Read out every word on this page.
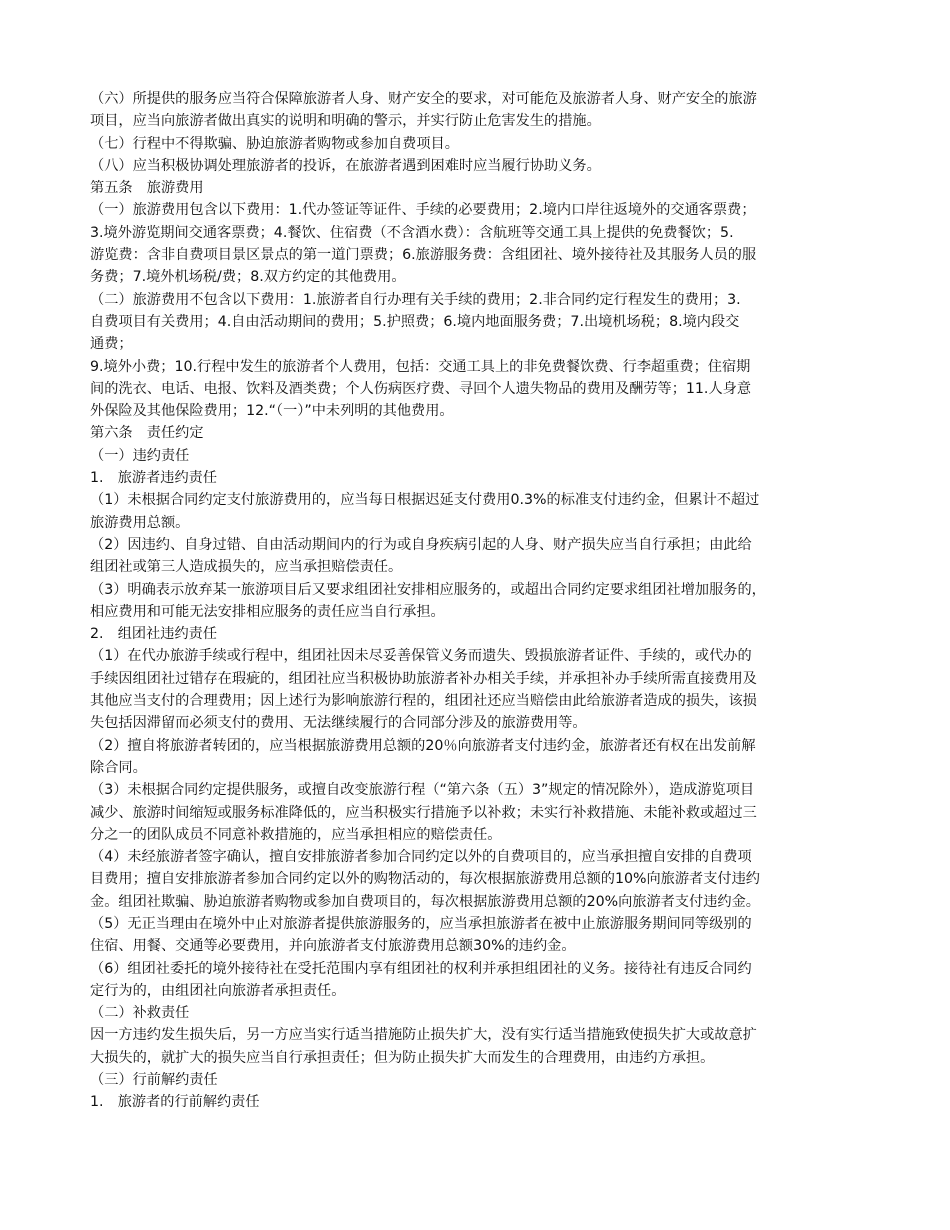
（六）所提供的服务应当符合保障旅游者人身、财产安全的要求，对可能危及旅游者人身、财产安全的旅游
项目，应当向旅游者做出真实的说明和明确的警示，并实行防止危害发生的措施。
（七）行程中不得欺骗、胁迫旅游者购物或参加自费项目。
（八）应当积极协调处理旅游者的投诉，在旅游者遇到困难时应当履行协助义务。
第五条　旅游费用
（一）旅游费用包含以下费用：1.代办签证等证件、手续的必要费用；2.境内口岸往返境外的交通客票费；
3.境外游览期间交通客票费；4.餐饮、住宿费（不含酒水费）：含航班等交通工具上提供的免费餐饮；5.
游览费：含非自费项目景区景点的第一道门票费；6.旅游服务费：含组团社、境外接待社及其服务人员的服
务费；7.境外机场税/费；8.双方约定的其他费用。
（二）旅游费用不包含以下费用：1.旅游者自行办理有关手续的费用；2.非合同约定行程发生的费用；3.
自费项目有关费用；4.自由活动期间的费用；5.护照费；6.境内地面服务费；7.出境机场税；8.境内段交
通费；
9.境外小费；10.行程中发生的旅游者个人费用，包括：交通工具上的非免费餐饮费、行李超重费；住宿期
间的洗衣、电话、电报、饮料及酒类费；个人伤病医疗费、寻回个人遗失物品的费用及酬劳等；11.人身意
外保险及其他保险费用；12.“（一）”中未列明的其他费用。
第六条　责任约定
（一）违约责任
1.　旅游者违约责任
（1）未根据合同约定支付旅游费用的，应当每日根据迟延支付费用0.3%的标准支付违约金，但累计不超过
旅游费用总额。
（2）因违约、自身过错、自由活动期间内的行为或自身疾病引起的人身、财产损失应当自行承担；由此给
组团社或第三人造成损失的，应当承担赔偿责任。
（3）明确表示放弃某一旅游项目后又要求组团社安排相应服务的，或超出合同约定要求组团社增加服务的，
相应费用和可能无法安排相应服务的责任应当自行承担。
2.　组团社违约责任
（1）在代办旅游手续或行程中，组团社因未尽妥善保管义务而遗失、毁损旅游者证件、手续的，或代办的
手续因组团社过错存在瑕疵的，组团社应当积极协助旅游者补办相关手续，并承担补办手续所需直接费用及
其他应当支付的合理费用；因上述行为影响旅游行程的，组团社还应当赔偿由此给旅游者造成的损失，该损
失包括因滞留而必须支付的费用、无法继续履行的合同部分涉及的旅游费用等。
（2）擅自将旅游者转团的，应当根据旅游费用总额的20％向旅游者支付违约金，旅游者还有权在出发前解
除合同。
（3）未根据合同约定提供服务，或擅自改变旅游行程（“第六条（五）3”规定的情况除外），造成游览项目
减少、旅游时间缩短或服务标准降低的，应当积极实行措施予以补救；未实行补救措施、未能补救或超过三
分之一的团队成员不同意补救措施的，应当承担相应的赔偿责任。
（4）未经旅游者签字确认，擅自安排旅游者参加合同约定以外的自费项目的，应当承担擅自安排的自费项
目费用；擅自安排旅游者参加合同约定以外的购物活动的，每次根据旅游费用总额的10%向旅游者支付违约
金。组团社欺骗、胁迫旅游者购物或参加自费项目的，每次根据旅游费用总额的20%向旅游者支付违约金。
（5）无正当理由在境外中止对旅游者提供旅游服务的，应当承担旅游者在被中止旅游服务期间同等级别的
住宿、用餐、交通等必要费用，并向旅游者支付旅游费用总额30%的违约金。
（6）组团社委托的境外接待社在受托范围内享有组团社的权利并承担组团社的义务。接待社有违反合同约
定行为的，由组团社向旅游者承担责任。
（二）补救责任
因一方违约发生损失后，另一方应当实行适当措施防止损失扩大，没有实行适当措施致使损失扩大或故意扩
大损失的，就扩大的损失应当自行承担责任；但为防止损失扩大而发生的合理费用，由违约方承担。
（三）行前解约责任
1.　旅游者的行前解约责任
